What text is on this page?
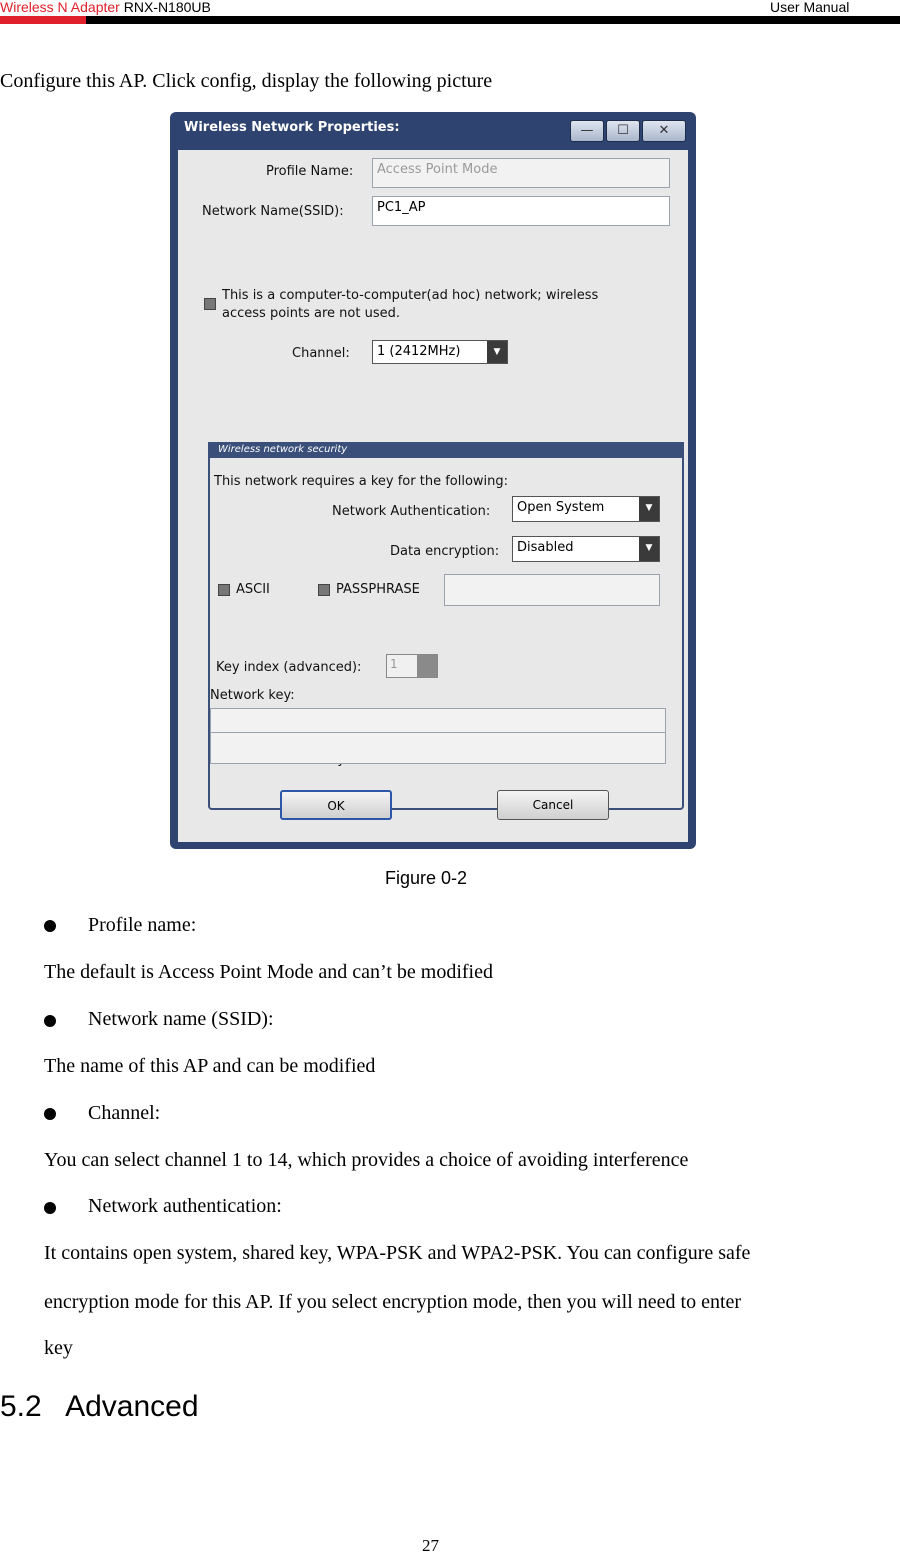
Wireless N Adapter RNX-N180UB	User Manual
Configure this AP. Click config, display the following picture
Wireless Network Properties:	—	☐	✕
Profile Name:	Access Point Mode
Network Name(SSID):	PC1_AP
This is a computer-to-computer(ad hoc) network; wireless
access points are not used.
Channel:	1 (2412MHz)	▼
Wireless network security
This network requires a key for the following:
Network Authentication:	Open System	▼
Data encryption:	Disabled	▼
ASCII	PASSPHRASE
Key index (advanced):	1
Network key:
OK	Cancel
Figure 0-2
Profile name:
The default is Access Point Mode and can’t be modified
Network name (SSID):
The name of this AP and can be modified
Channel:
You can select channel 1 to 14, which provides a choice of avoiding interference
Network authentication:
It contains open system, shared key, WPA-PSK and WPA2-PSK. You can configure safe
encryption mode for this AP. If you select encryption mode, then you will need to enter
key
5.2 Advanced
27
